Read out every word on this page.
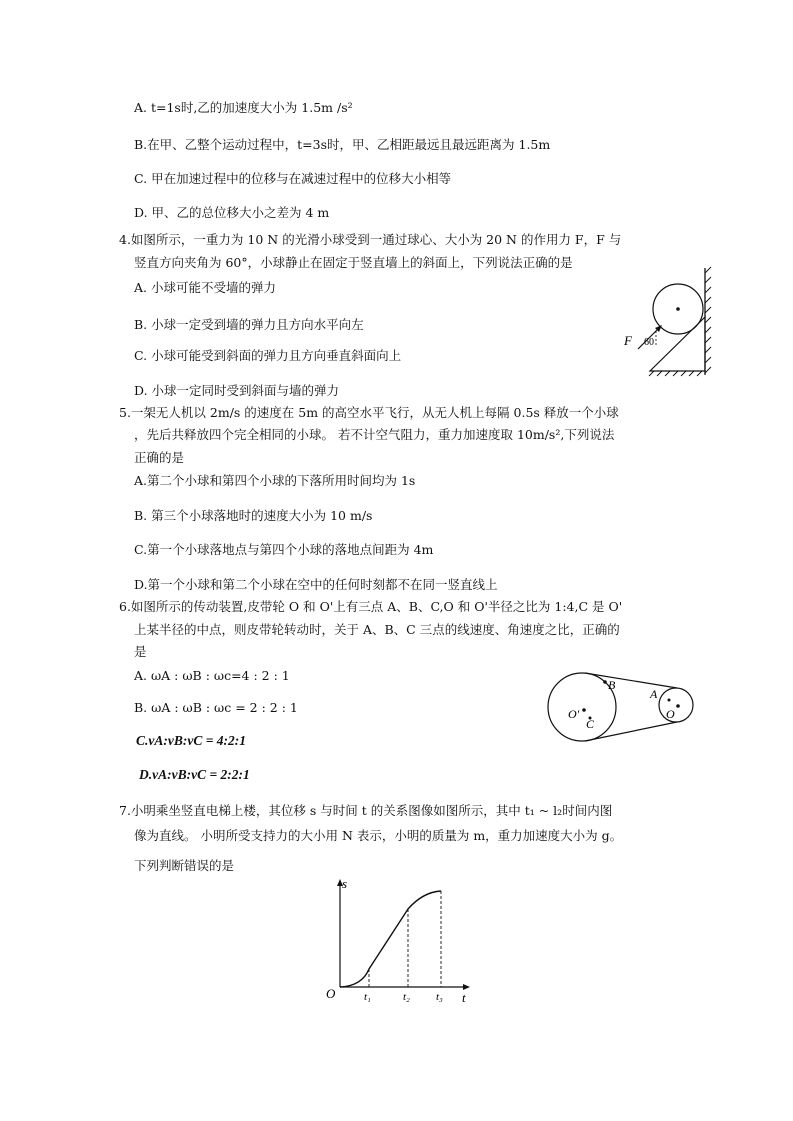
A. t=1s时,乙的加速度大小为 1.5m /s²
B.在甲、乙整个运动过程中，t=3s时，甲、乙相距最远且最远距离为 1.5m
C. 甲在加速过程中的位移与在减速过程中的位移大小相等
D. 甲、乙的总位移大小之差为 4 m
4.如图所示，一重力为 10 N 的光滑小球受到一通过球心、大小为 20 N 的作用力 F，F 与
竖直方向夹角为 60°，小球静止在固定于竖直墙上的斜面上，下列说法正确的是
A. 小球可能不受墙的弹力
B. 小球一定受到墙的弹力且方向水平向左
C. 小球可能受到斜面的弹力且方向垂直斜面向上
D. 小球一定同时受到斜面与墙的弹力
F 60
5.一架无人机以 2m/s 的速度在 5m 的高空水平飞行，从无人机上每隔 0.5s 释放一个小球
，先后共释放四个完全相同的小球。 若不计空气阻力，重力加速度取 10m/s²,下列说法
正确的是
A.第二个小球和第四个小球的下落所用时间均为 1s
B. 第三个小球落地时的速度大小为 10 m/s
C.第一个小球落地点与第四个小球的落地点间距为 4m
D.第一个小球和第二个小球在空中的任何时刻都不在同一竖直线上
6.如图所示的传动装置,皮带轮 O 和 O'上有三点 A、B、C,O 和 O'半径之比为 1:4,C 是 O'
上某半径的中点，则皮带轮转动时，关于 A、B、C 三点的线速度、角速度之比，正确的
是
A. ωA : ωB : ωc=4 : 2 : 1
B. ωA : ωB : ωc = 2 : 2 : 1
C.vA:vB:vC = 4:2:1
D.vA:vB:vC = 2:2:1
O′
C
B
A
O
7.小明乘坐竖直电梯上楼，其位移 s 与时间 t 的关系图像如图所示，其中 t₁ ~ l₂时间内图
像为直线。 小明所受支持力的大小用 N 表示，小明的质量为 m，重力加速度大小为 g。
下列判断错误的是
s
t
O	t₁	t₂ t₃
